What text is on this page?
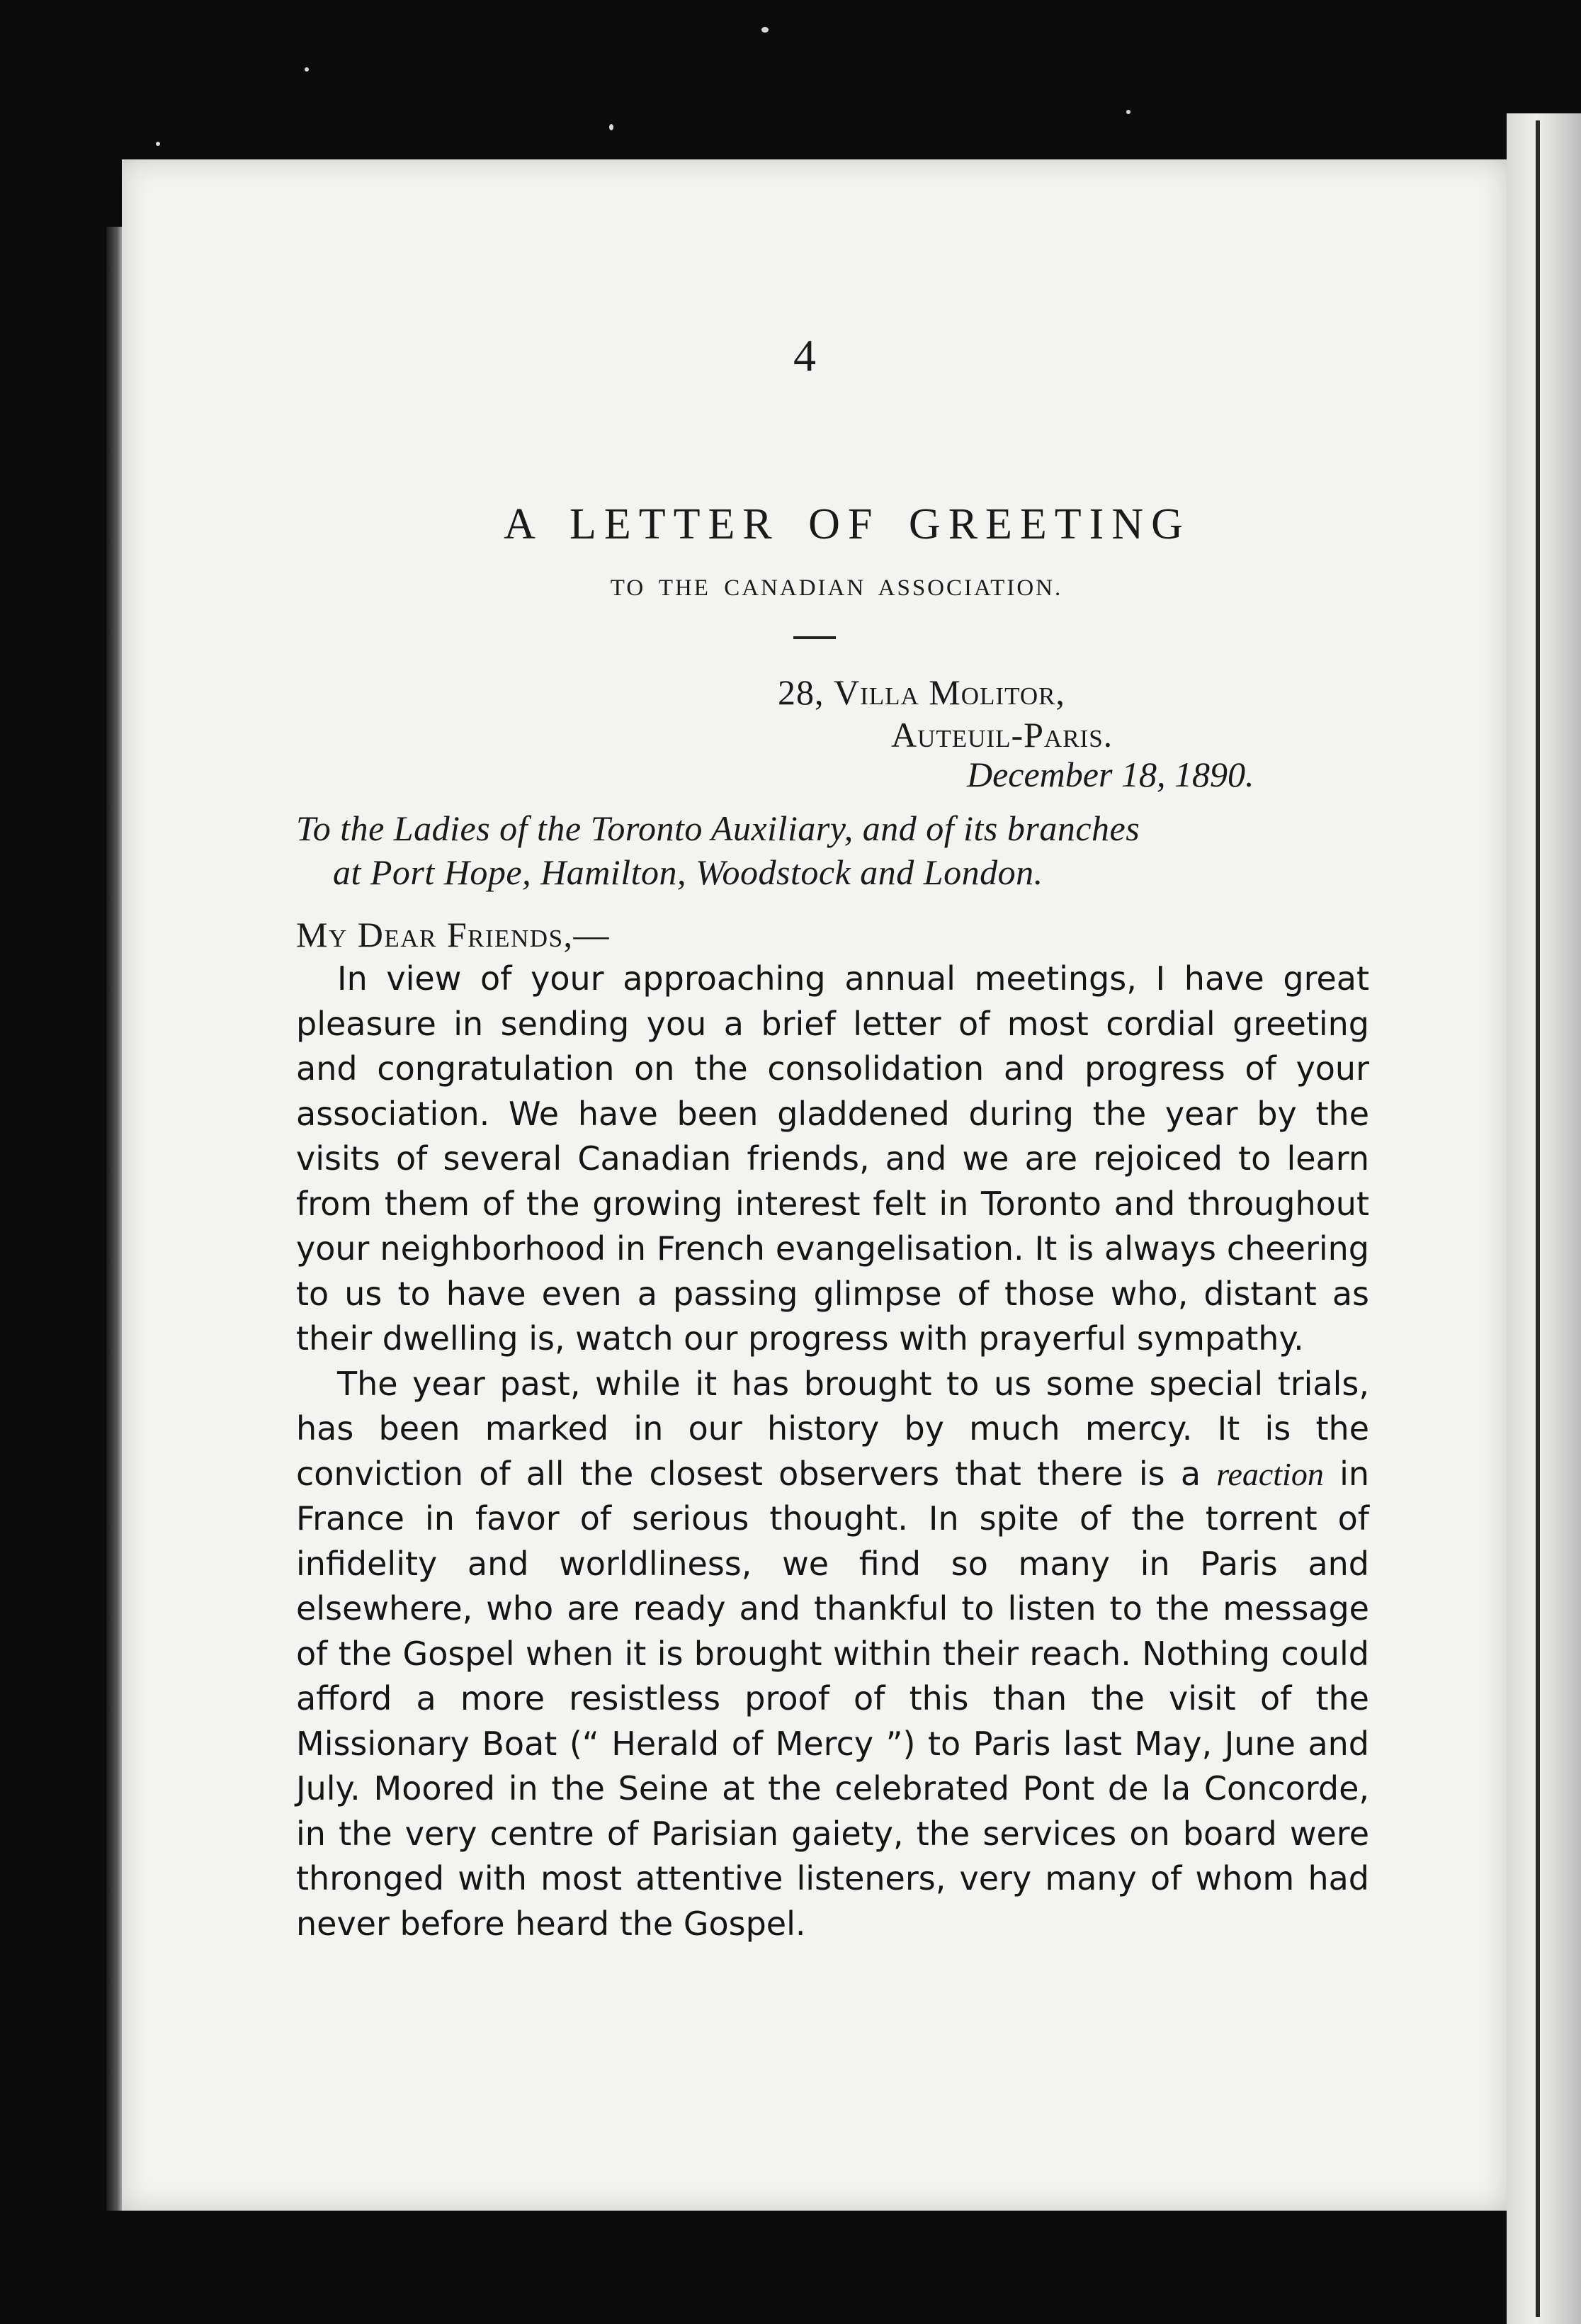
4
A LETTER OF GREETING
TO THE CANADIAN ASSOCIATION.
28, Villa Molitor,
Auteuil-Paris.
December 18, 1890.
To the Ladies of the Toronto Auxiliary, and of its branches
at Port Hope, Hamilton, Woodstock and London.
My Dear Friends,—

In view of your approaching annual meetings, I have great pleasure in sending you a brief letter of most cordial greeting and congratulation on the consolidation and progress of your association. We have been gladdened during the year by the visits of several Canadian friends, and we are rejoiced to learn from them of the growing interest felt in Toronto and throughout your neighborhood in French evangelisation. It is always cheering to us to have even a passing glimpse of those who, distant as their dwelling is, watch our progress with prayerful sympathy.

The year past, while it has brought to us some special trials, has been marked in our history by much mercy. It is the conviction of all the closest observers that there is a reaction in France in favor of serious thought. In spite of the torrent of infidelity and worldliness, we find so many in Paris and elsewhere, who are ready and thankful to listen to the message of the Gospel when it is brought within their reach. Nothing could afford a more resistless proof of this than the visit of the Missionary Boat (“ Herald of Mercy ”) to Paris last May, June and July. Moored in the Seine at the celebrated Pont de la Concorde, in the very centre of Parisian gaiety, the services on board were thronged with most attentive listeners, very many of whom had never before heard the Gospel.
